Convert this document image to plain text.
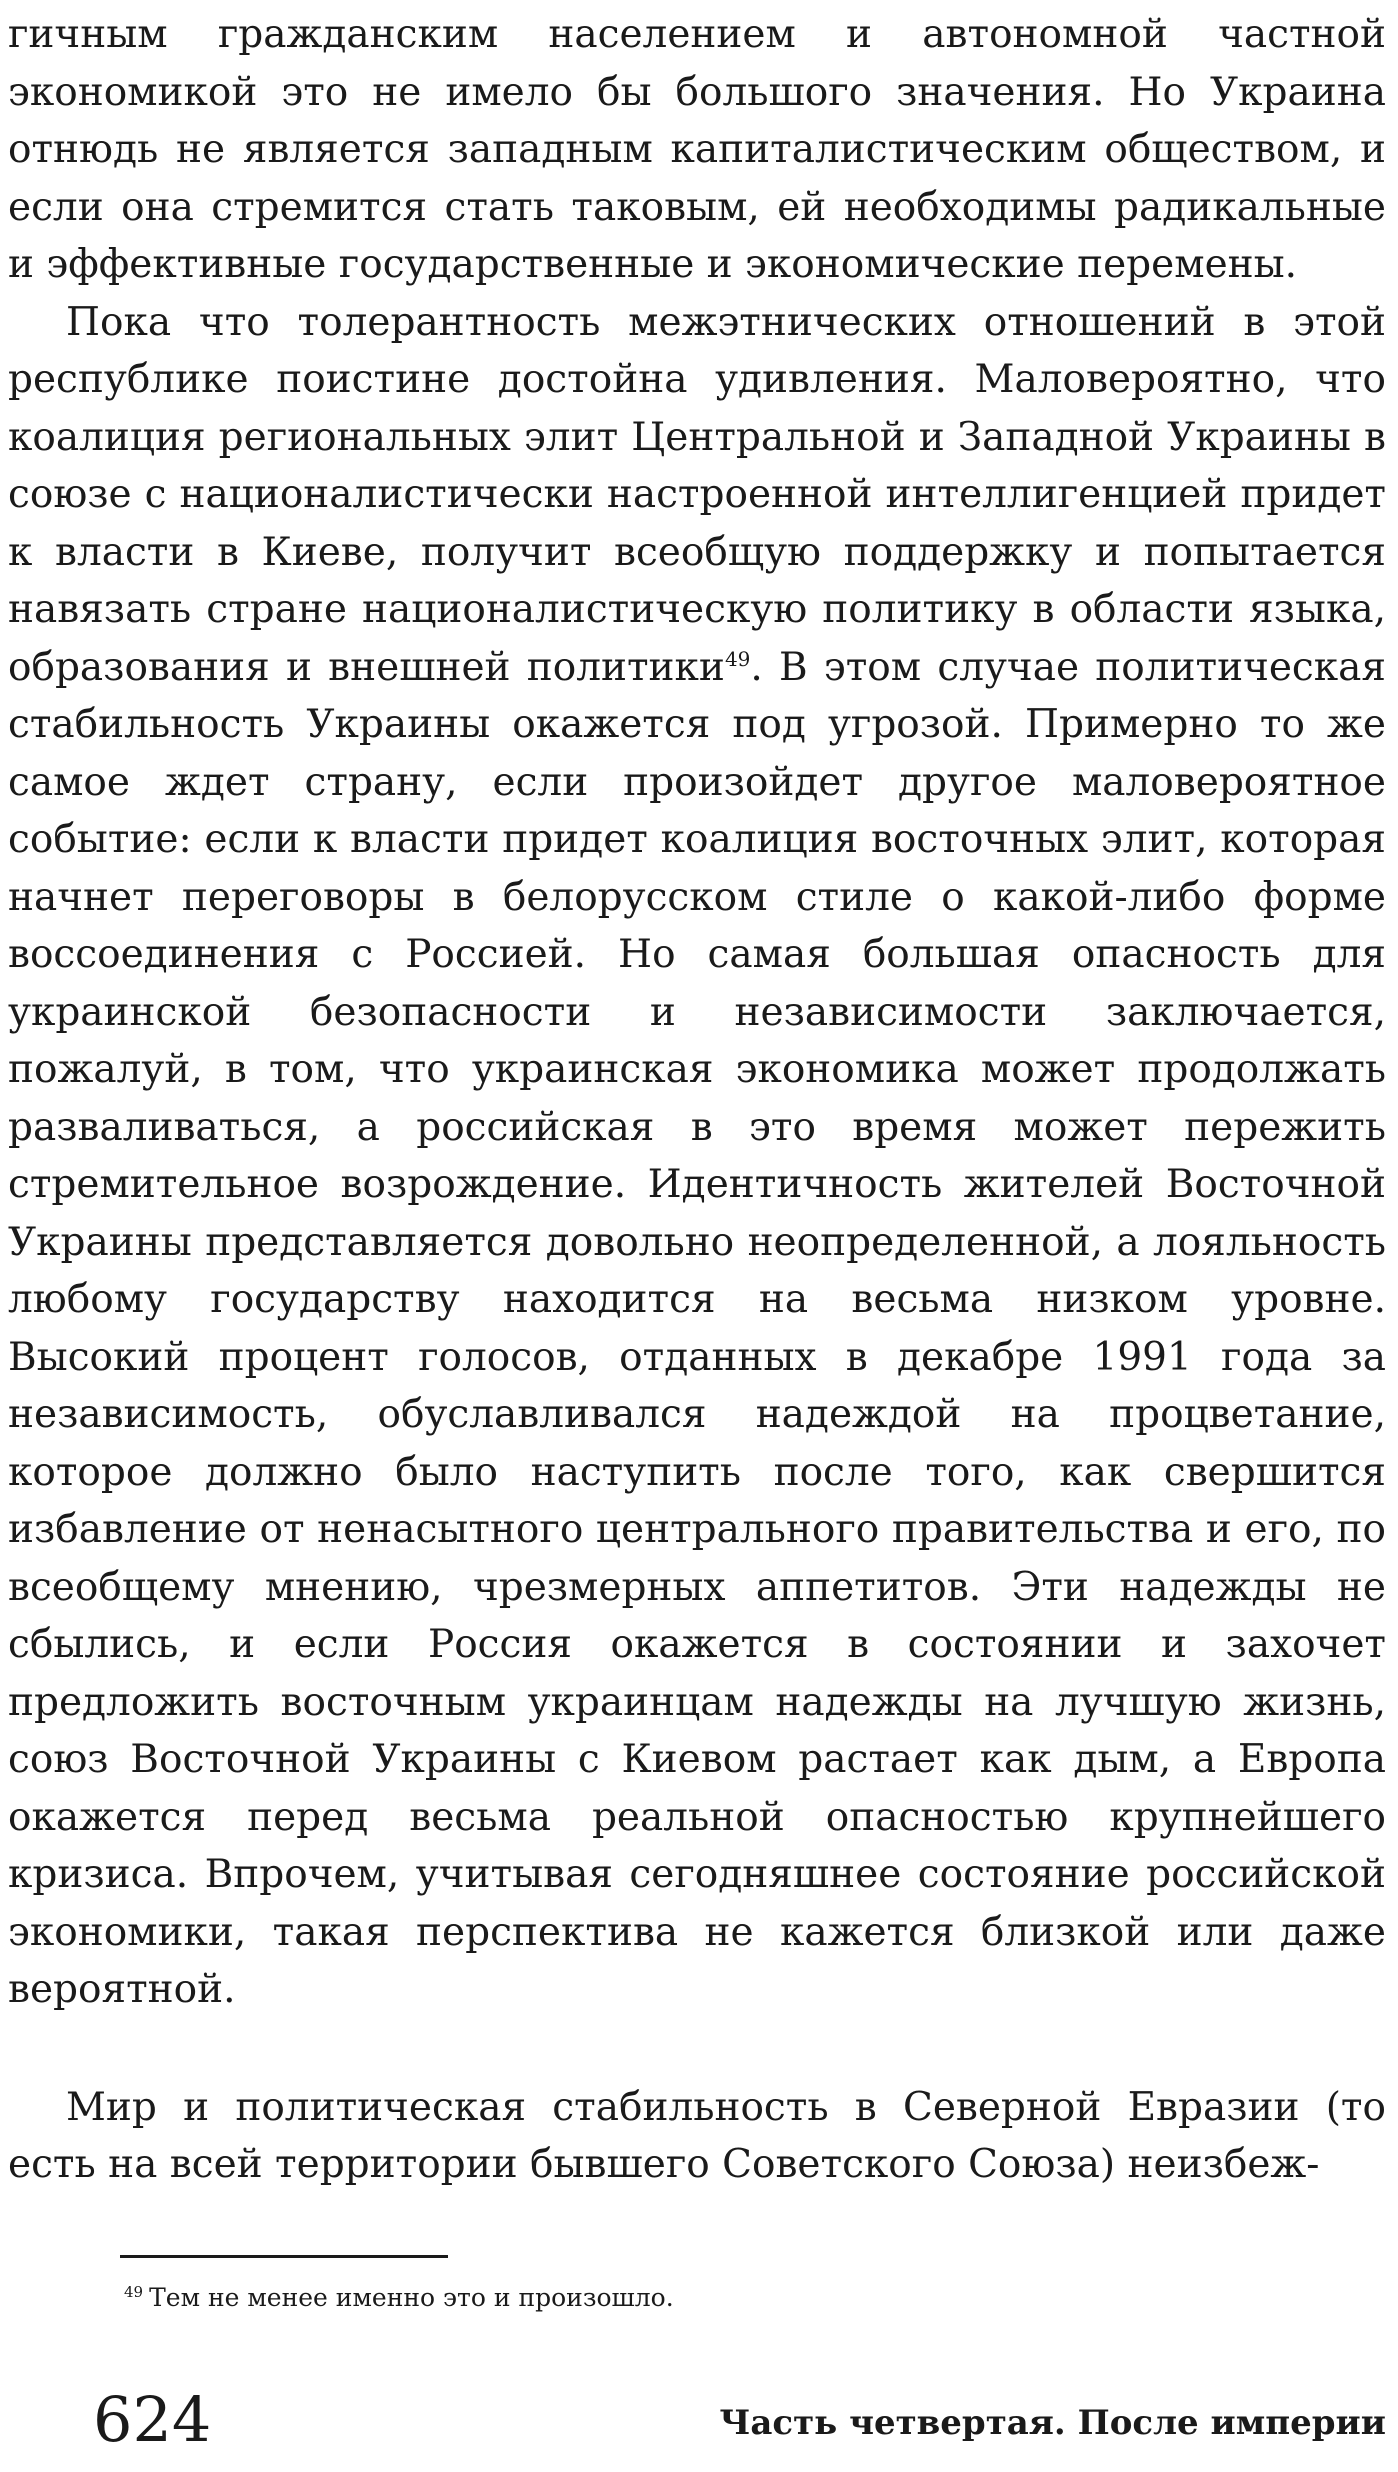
гичным гражданским населением и автономной частной экономикой это не имело бы большого значения. Но Украина отнюдь не является западным капиталистическим обществом, и если она стремится стать таковым, ей необходимы радикальные и эффективные государственные и экономические перемены.

Пока что толерантность межэтнических отношений в этой республике поистине достойна удивления. Маловероятно, что коалиция региональных элит Центральной и Западной Украины в союзе с националистически настроенной интеллигенцией придет к власти в Киеве, получит всеобщую поддержку и попытается навязать стране националистическую политику в области языка, образования и внешней политики$^{49}$. В этом случае политическая стабильность Украины окажется под угрозой. Примерно то же самое ждет страну, если произойдет другое маловероятное событие: если к власти придет коалиция восточных элит, которая начнет переговоры в белорусском стиле о какой-либо форме воссоединения с Россией. Но самая большая опасность для украинской безопасности и независимости заключается, пожалуй, в том, что украинская экономика может продолжать разваливаться, а российская в это время может пережить стремительное возрождение. Идентичность жителей Восточной Украины представляется довольно неопределенной, а лояльность любому государству находится на весьма низком уровне. Высокий процент голосов, отданных в декабре 1991 года за независимость, обуславливался надеждой на процветание, которое должно было наступить после того, как свершится избавление от ненасытного центрального правительства и его, по всеобщему мнению, чрезмерных аппетитов. Эти надежды не сбылись, и если Россия окажется в состоянии и захочет предложить восточным украинцам надежды на лучшую жизнь, союз Восточной Украины с Киевом растает как дым, а Европа окажется перед весьма реальной опасностью крупнейшего кризиса. Впрочем, учитывая сегодняшнее состояние российской экономики, такая перспектива не кажется близкой или даже вероятной.

Мир и политическая стабильность в Северной Евразии (то есть на всей территории бывшего Советского Союза) неизбеж-

$^{49}$ Тем не менее именно это и произошло.
624	Часть четвертая. После империи
